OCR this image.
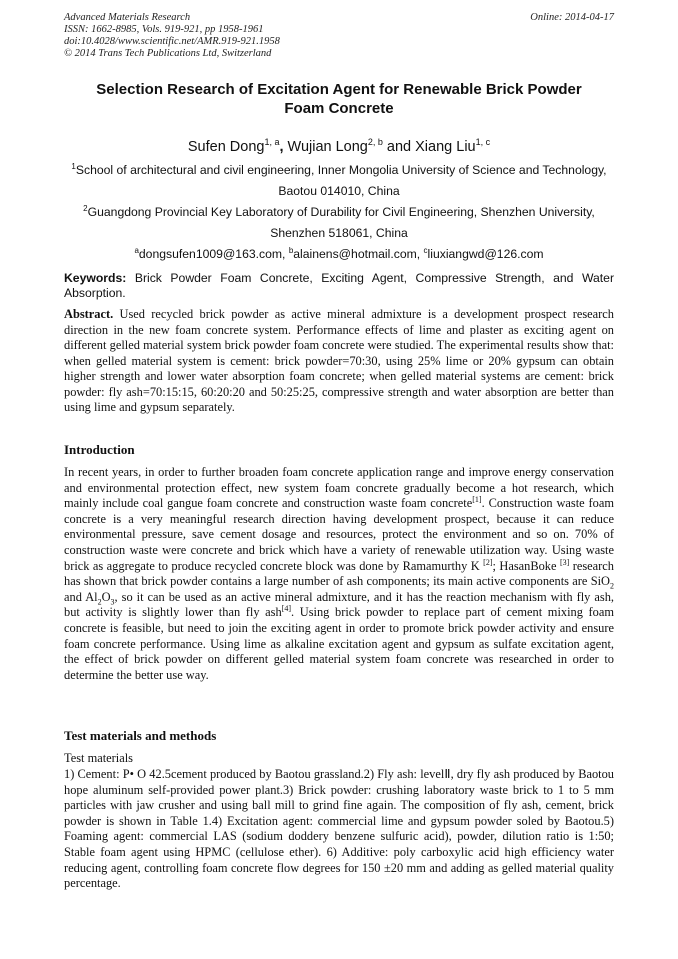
Advanced Materials Research
ISSN: 1662-8985, Vols. 919-921, pp 1958-1961
doi:10.4028/www.scientific.net/AMR.919-921.1958
© 2014 Trans Tech Publications Ltd, Switzerland
Online: 2014-04-17
Selection Research of Excitation Agent for Renewable Brick Powder
Foam Concrete
Sufen Dong$^{1, a}$, Wujian Long$^{2, b}$ and Xiang Liu$^{1, c}$
$^1$School of architectural and civil engineering, Inner Mongolia University of Science and Technology,
Baotou 014010, China
$^2$Guangdong Provincial Key Laboratory of Durability for Civil Engineering, Shenzhen University,
Shenzhen 518061, China
$^a$dongsufen1009@163.com, $^b$alainens@hotmail.com, $^c$liuxiangwd@126.com
Keywords: Brick Powder Foam Concrete, Exciting Agent, Compressive Strength, and Water Absorption.
Abstract. Used recycled brick powder as active mineral admixture is a development prospect research direction in the new foam concrete system. Performance effects of lime and plaster as exciting agent on different gelled material system brick powder foam concrete were studied. The experimental results show that: when gelled material system is cement: brick powder=70:30, using 25% lime or 20% gypsum can obtain higher strength and lower water absorption foam concrete; when gelled material systems are cement: brick powder: fly ash=70:15:15, 60:20:20 and 50:25:25, compressive strength and water absorption are better than using lime and gypsum separately.
Introduction
In recent years, in order to further broaden foam concrete application range and improve energy conservation and environmental protection effect, new system foam concrete gradually become a hot research, which mainly include coal gangue foam concrete and construction waste foam concrete[1]. Construction waste foam concrete is a very meaningful research direction having development prospect, because it can reduce environmental pressure, save cement dosage and resources, protect the environment and so on. 70% of construction waste were concrete and brick which have a variety of renewable utilization way. Using waste brick as aggregate to produce recycled concrete block was done by Ramamurthy K [2]; HasanBoke [3] research has shown that brick powder contains a large number of ash components; its main active components are SiO$_2$ and $Al_2O_3$, so it can be used as an active mineral admixture, and it has the reaction mechanism with fly ash, but activity is slightly lower than fly ash[4]. Using brick powder to replace part of cement mixing foam concrete is feasible, but need to join the exciting agent in order to promote brick powder activity and ensure foam concrete performance. Using lime as alkaline excitation agent and gypsum as sulfate excitation agent, the effect of brick powder on different gelled material system foam concrete was researched in order to determine the better use way.
Test materials and methods
Test materials
1) Cement: P• O 42.5cement produced by Baotou grassland.2) Fly ash: levelⅡ, dry fly ash produced by Baotou hope aluminum self-provided power plant.3) Brick powder: crushing laboratory waste brick to 1 to 5 mm particles with jaw crusher and using ball mill to grind fine again. The composition of fly ash, cement, brick powder is shown in Table 1.4) Excitation agent: commercial lime and gypsum powder soled by Baotou.5) Foaming agent: commercial LAS (sodium doddery benzene sulfuric acid), powder, dilution ratio is 1:50; Stable foam agent using HPMC (cellulose ether). 6) Additive: poly carboxylic acid high efficiency water reducing agent, controlling foam concrete flow degrees for 150 ±20 mm and adding as gelled material quality percentage.
